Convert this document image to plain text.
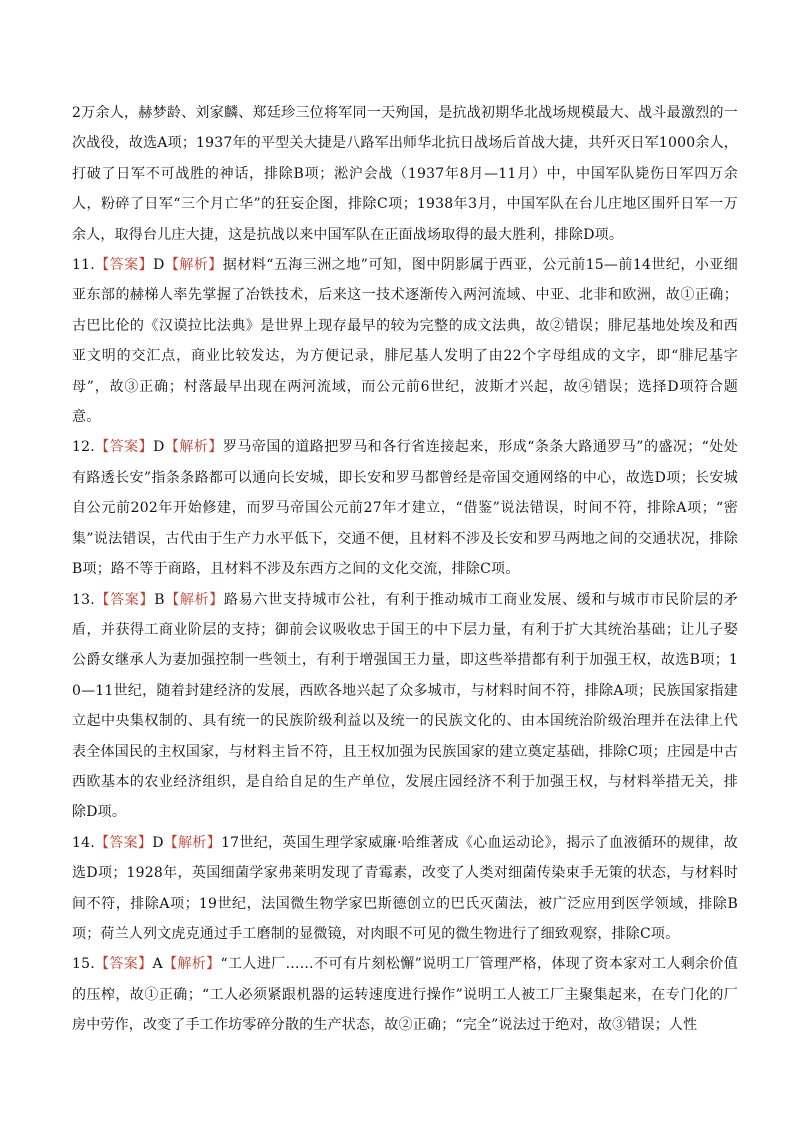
2万余人，赫梦龄、刘家麟、郑廷珍三位将军同一天殉国，是抗战初期华北战场规模最大、战斗最激烈的一次战役，故选A项；1937年的平型关大捷是八路军出师华北抗日战场后首战大捷，共歼灭日军1000余人，打破了日军不可战胜的神话，排除B项；淞沪会战（1937年8月—11月）中，中国军队毙伤日军四万余人，粉碎了日军“三个月亡华”的狂妄企图，排除C项；1938年3月，中国军队在台儿庄地区围歼日军一万余人，取得台儿庄大捷，这是抗战以来中国军队在正面战场取得的最大胜利，排除D项。

11.【答案】D【解析】据材料“五海三洲之地”可知，图中阴影属于西亚，公元前15—前14世纪，小亚细亚东部的赫梯人率先掌握了冶铁技术，后来这一技术逐渐传入两河流域、中亚、北非和欧洲，故①正确；古巴比伦的《汉谟拉比法典》是世界上现存最早的较为完整的成文法典，故②错误；腓尼基地处埃及和西亚文明的交汇点，商业比较发达，为方便记录，腓尼基人发明了由22个字母组成的文字，即“腓尼基字母”，故③正确；村落最早出现在两河流域，而公元前6世纪，波斯才兴起，故④错误；选择D项符合题意。

12.【答案】D【解析】罗马帝国的道路把罗马和各行省连接起来，形成“条条大路通罗马”的盛况；“处处有路透长安”指条条路都可以通向长安城，即长安和罗马都曾经是帝国交通网络的中心，故选D项；长安城自公元前202年开始修建，而罗马帝国公元前27年才建立，“借鉴”说法错误，时间不符，排除A项；“密集”说法错误，古代由于生产力水平低下，交通不便，且材料不涉及长安和罗马两地之间的交通状况，排除B项；路不等于商路，且材料不涉及东西方之间的文化交流，排除C项。

13.【答案】B【解析】路易六世支持城市公社，有利于推动城市工商业发展、缓和与城市市民阶层的矛盾，并获得工商业阶层的支持；御前会议吸收忠于国王的中下层力量，有利于扩大其统治基础；让儿子娶公爵女继承人为妻加强控制一些领土，有利于增强国王力量，即这些举措都有利于加强王权，故选B项；10—11世纪，随着封建经济的发展，西欧各地兴起了众多城市，与材料时间不符，排除A项；民族国家指建立起中央集权制的、具有统一的民族阶级利益以及统一的民族文化的、由本国统治阶级治理并在法律上代表全体国民的主权国家，与材料主旨不符，且王权加强为民族国家的建立奠定基础，排除C项；庄园是中古西欧基本的农业经济组织，是自给自足的生产单位，发展庄园经济不利于加强王权，与材料举措无关，排除D项。

14.【答案】D【解析】17世纪，英国生理学家威廉·哈维著成《心血运动论》，揭示了血液循环的规律，故选D项；1928年，英国细菌学家弗莱明发现了青霉素，改变了人类对细菌传染束手无策的状态，与材料时间不符，排除A项；19世纪，法国微生物学家巴斯德创立的巴氏灭菌法，被广泛应用到医学领域，排除B项；荷兰人列文虎克通过手工磨制的显微镜，对肉眼不可见的微生物进行了细致观察，排除C项。

15.【答案】A【解析】“工人进厂……不可有片刻松懈”说明工厂管理严格，体现了资本家对工人剩余价值的压榨，故①正确；“工人必须紧跟机器的运转速度进行操作”说明工人被工厂主聚集起来，在专门化的厂房中劳作，改变了手工作坊零碎分散的生产状态，故②正确；“完全”说法过于绝对，故③错误；人性
